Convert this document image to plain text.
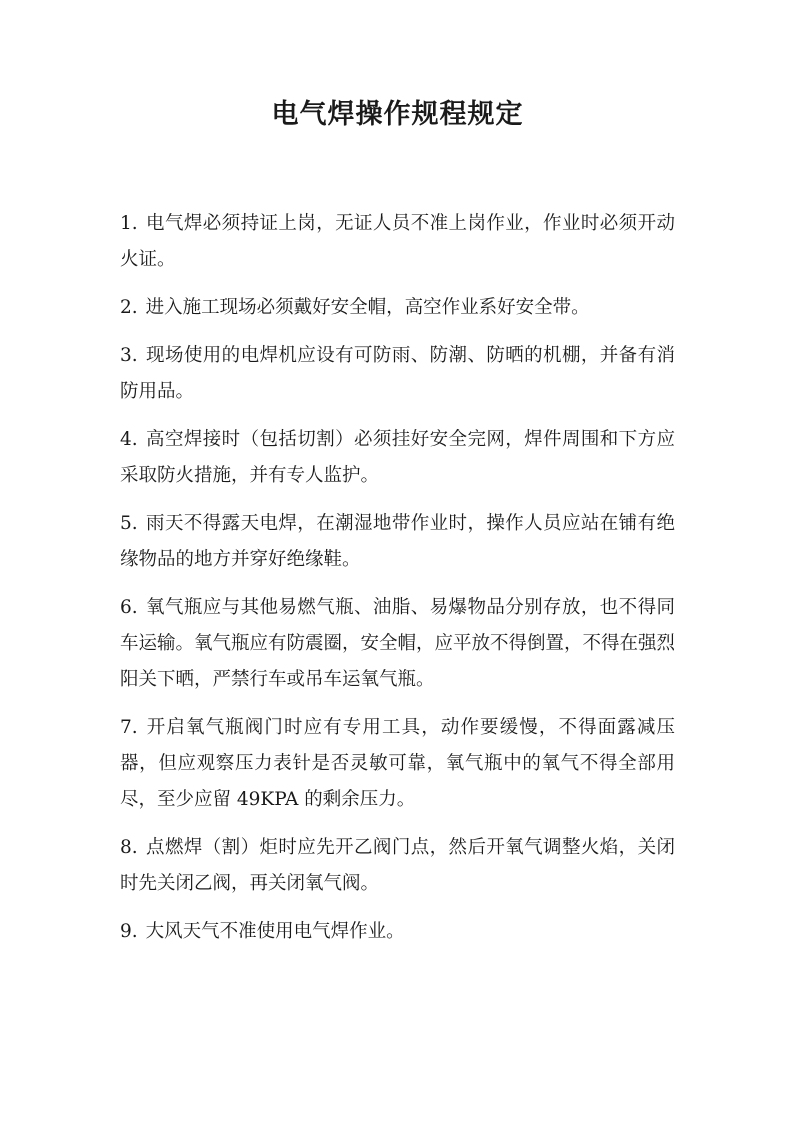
电气焊操作规程规定
1. 电气焊必须持证上岗，无证人员不准上岗作业，作业时必须开动火证。
2. 进入施工现场必须戴好安全帽，高空作业系好安全带。
3. 现场使用的电焊机应设有可防雨、防潮、防晒的机棚，并备有消防用品。
4. 高空焊接时（包括切割）必须挂好安全完网，焊件周围和下方应采取防火措施，并有专人监护。
5. 雨天不得露天电焊，在潮湿地带作业时，操作人员应站在铺有绝缘物品的地方并穿好绝缘鞋。
6. 氧气瓶应与其他易燃气瓶、油脂、易爆物品分别存放，也不得同车运输。氧气瓶应有防震圈，安全帽，应平放不得倒置，不得在强烈阳关下晒，严禁行车或吊车运氧气瓶。
7. 开启氧气瓶阀门时应有专用工具，动作要缓慢，不得面露减压器，但应观察压力表针是否灵敏可靠，氧气瓶中的氧气不得全部用尽，至少应留 49KPA 的剩余压力。
8. 点燃焊（割）炬时应先开乙阀门点，然后开氧气调整火焰，关闭时先关闭乙阀，再关闭氧气阀。
9. 大风天气不准使用电气焊作业。
